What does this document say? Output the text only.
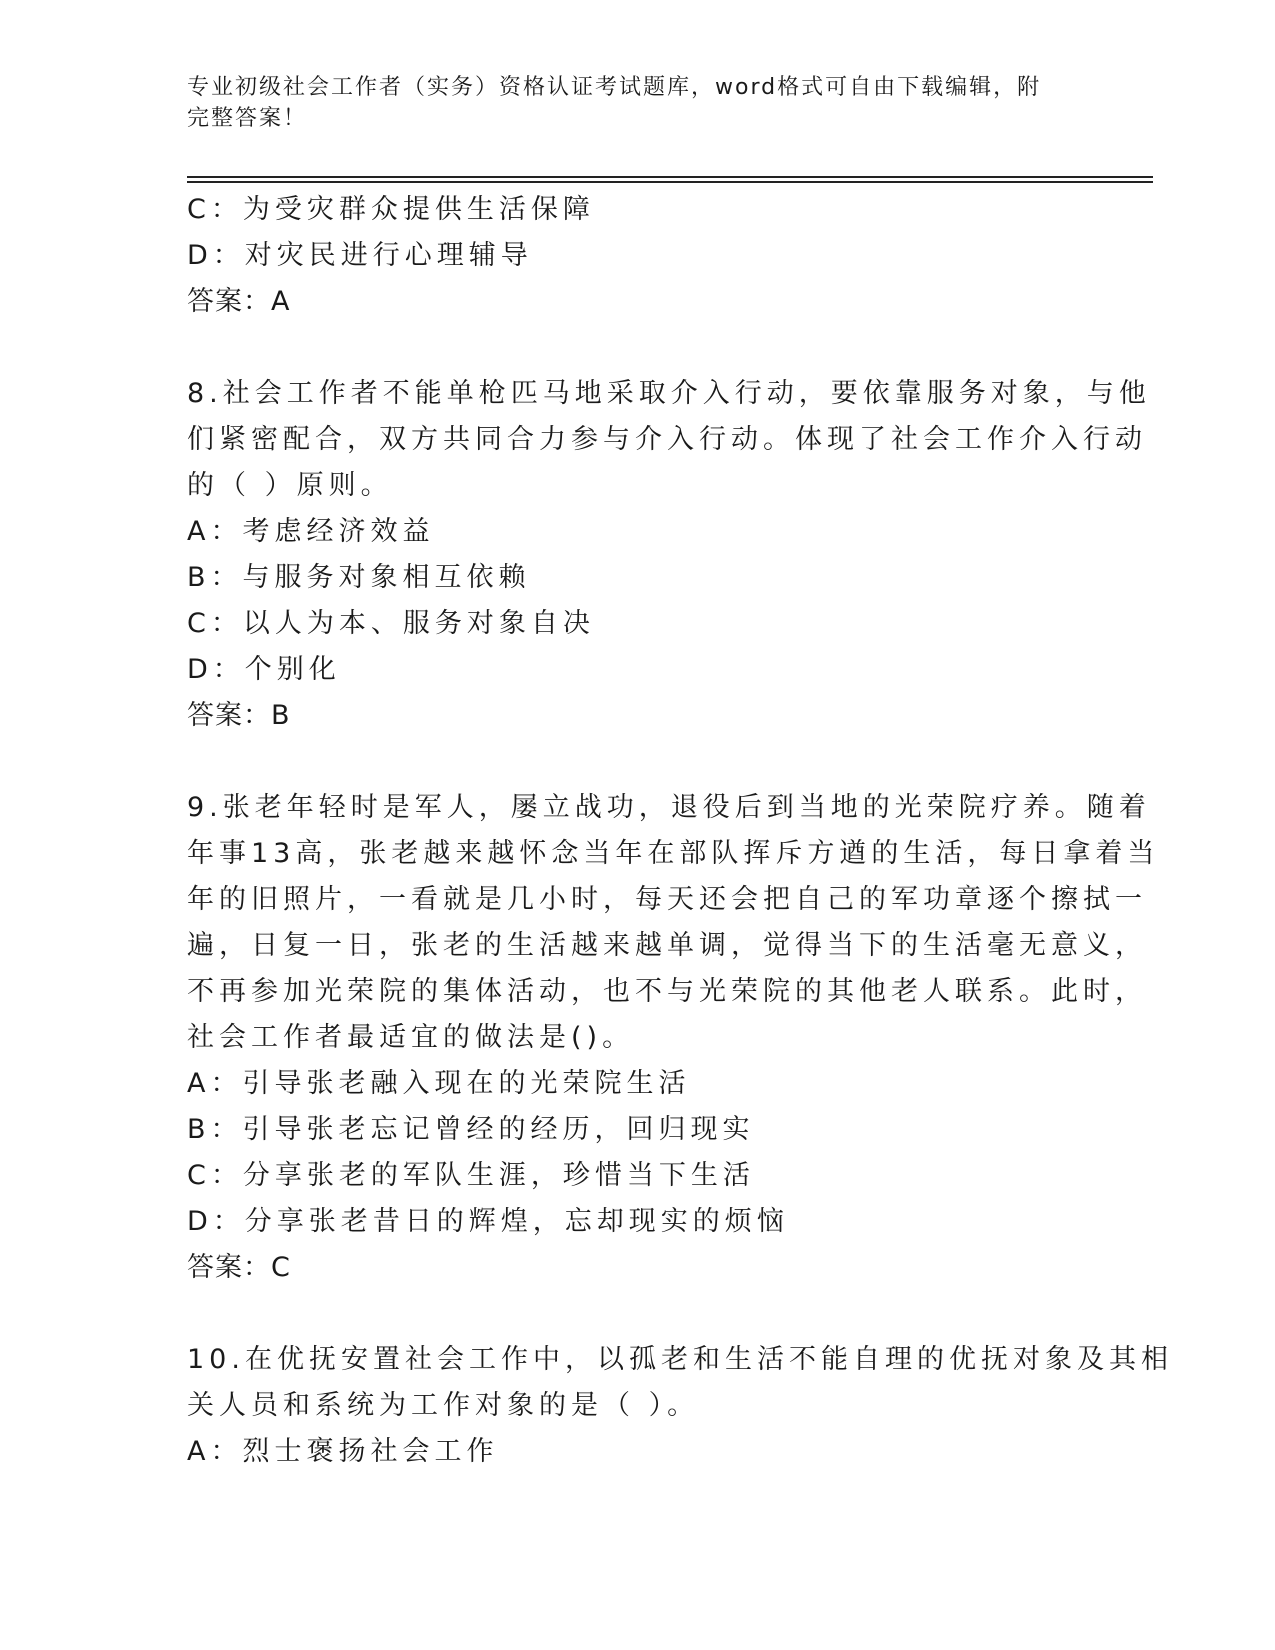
专业初级社会工作者（实务）资格认证考试题库，word格式可自由下载编辑，附
完整答案！
C：为受灾群众提供生活保障
D：对灾民进行心理辅导
答案：A
8.社会工作者不能单枪匹马地采取介入行动，要依靠服务对象，与他
们紧密配合，双方共同合力参与介入行动。体现了社会工作介入行动
的（ ）原则。
A：考虑经济效益
B：与服务对象相互依赖
C：以人为本、服务对象自决
D：个别化
答案：B
9.张老年轻时是军人，屡立战功，退役后到当地的光荣院疗养。随着
年事13高，张老越来越怀念当年在部队挥斥方遒的生活，每日拿着当
年的旧照片，一看就是几小时，每天还会把自己的军功章逐个擦拭一
遍，日复一日，张老的生活越来越单调，觉得当下的生活毫无意义，
不再参加光荣院的集体活动，也不与光荣院的其他老人联系。此时，
社会工作者最适宜的做法是()。
A：引导张老融入现在的光荣院生活
B：引导张老忘记曾经的经历，回归现实
C：分享张老的军队生涯，珍惜当下生活
D：分享张老昔日的辉煌，忘却现实的烦恼
答案：C
10.在优抚安置社会工作中，以孤老和生活不能自理的优抚对象及其相
关人员和系统为工作对象的是（ ）。
A：烈士褒扬社会工作
